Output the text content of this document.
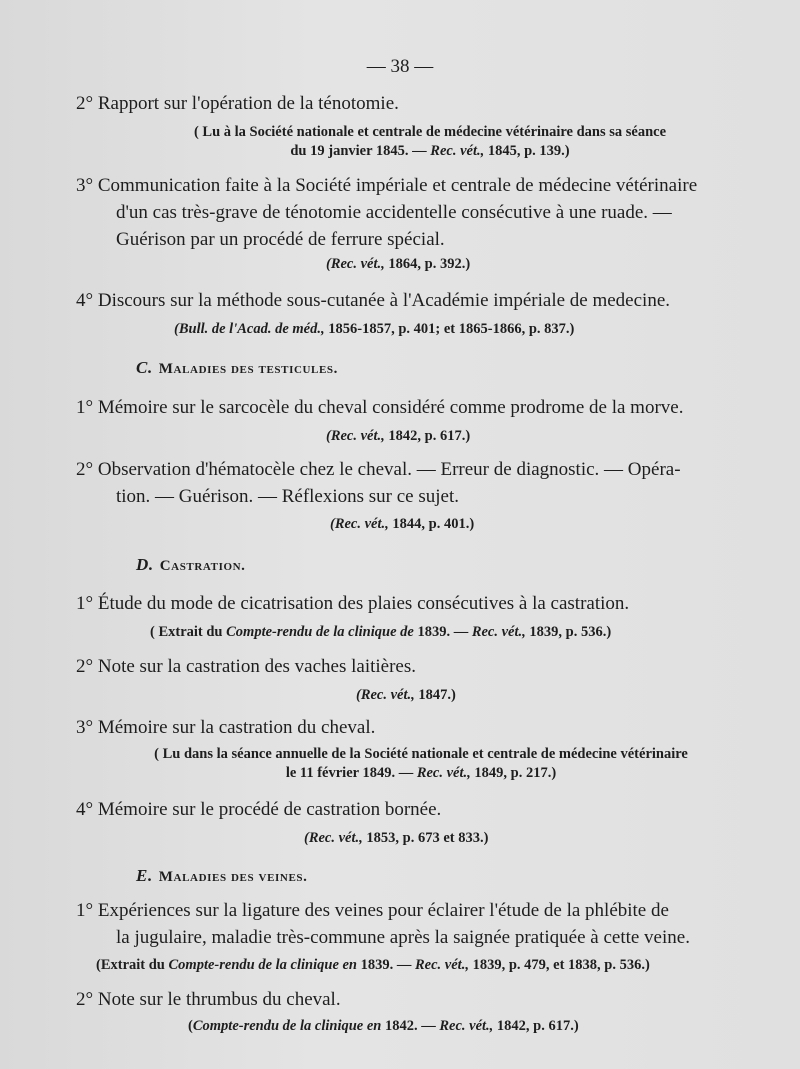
— 38 —
2° Rapport sur l'opération de la ténotomie.
( Lu à la Société nationale et centrale de médecine vétérinaire dans sa séance
du 19 janvier 1845. — Rec. vét., 1845, p. 139.)
3° Communication faite à la Société impériale et centrale de médecine vétérinaire
d'un cas très-grave de ténotomie accidentelle consécutive à une ruade. —
Guérison par un procédé de ferrure spécial.
(Rec. vét., 1864, p. 392.)
4° Discours sur la méthode sous-cutanée à l'Académie impériale de medecine.
(Bull. de l'Acad. de méd., 1856-1857, p. 401; et 1865-1866, p. 837.)
C. Maladies des testicules.
1° Mémoire sur le sarcocèle du cheval considéré comme prodrome de la morve.
(Rec. vét., 1842, p. 617.)
2° Observation d'hématocèle chez le cheval. — Erreur de diagnostic. — Opéra-
tion. — Guérison. — Réflexions sur ce sujet.
(Rec. vét., 1844, p. 401.)
D. Castration.
1° Étude du mode de cicatrisation des plaies consécutives à la castration.
( Extrait du Compte-rendu de la clinique de 1839. — Rec. vét., 1839, p. 536.)
2° Note sur la castration des vaches laitières.
(Rec. vét., 1847.)
3° Mémoire sur la castration du cheval.
( Lu dans la séance annuelle de la Société nationale et centrale de médecine vétérinaire
le 11 février 1849. — Rec. vét., 1849, p. 217.)
4° Mémoire sur le procédé de castration bornée.
(Rec. vét., 1853, p. 673 et 833.)
E. Maladies des veines.
1° Expériences sur la ligature des veines pour éclairer l'étude de la phlébite de
la jugulaire, maladie très-commune après la saignée pratiquée à cette veine.
(Extrait du Compte-rendu de la clinique en 1839. — Rec. vét., 1839, p. 479, et 1838, p. 536.)
2° Note sur le thrumbus du cheval.
(Compte-rendu de la clinique en 1842. — Rec. vét., 1842, p. 617.)
